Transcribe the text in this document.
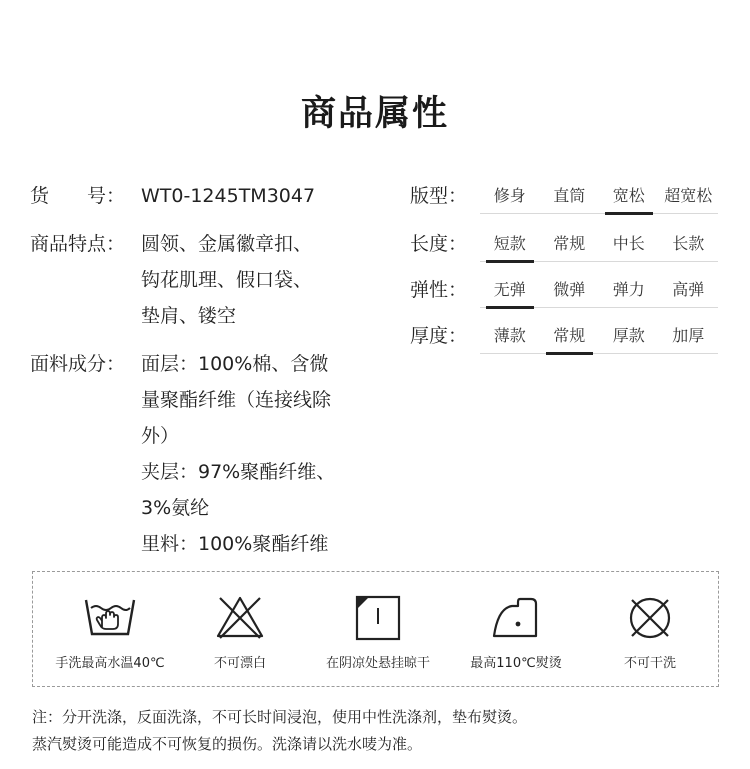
商品属性
货　　号： WT0-1245TM3047
商品特点： 圆领、金属徽章扣、
钩花肌理、假口袋、
垫肩、镂空
面料成分： 面层：100%棉、含微
量聚酯纤维（连接线除
外）
夹层：97%聚酯纤维、
3%氨纶
里料：100%聚酯纤维
版型：	修身	直筒	宽松	超宽松
长度：	短款	常规	中长	长款
弹性：	无弹	微弹	弹力	高弹
厚度：	薄款	常规	厚款	加厚
手洗最高水温40℃	不可漂白	在阴凉处悬挂晾干	最高110℃熨烫	不可干洗
注：分开洗涤，反面洗涤，不可长时间浸泡，使用中性洗涤剂，垫布熨烫。
蒸汽熨烫可能造成不可恢复的损伤。洗涤请以洗水唛为准。
